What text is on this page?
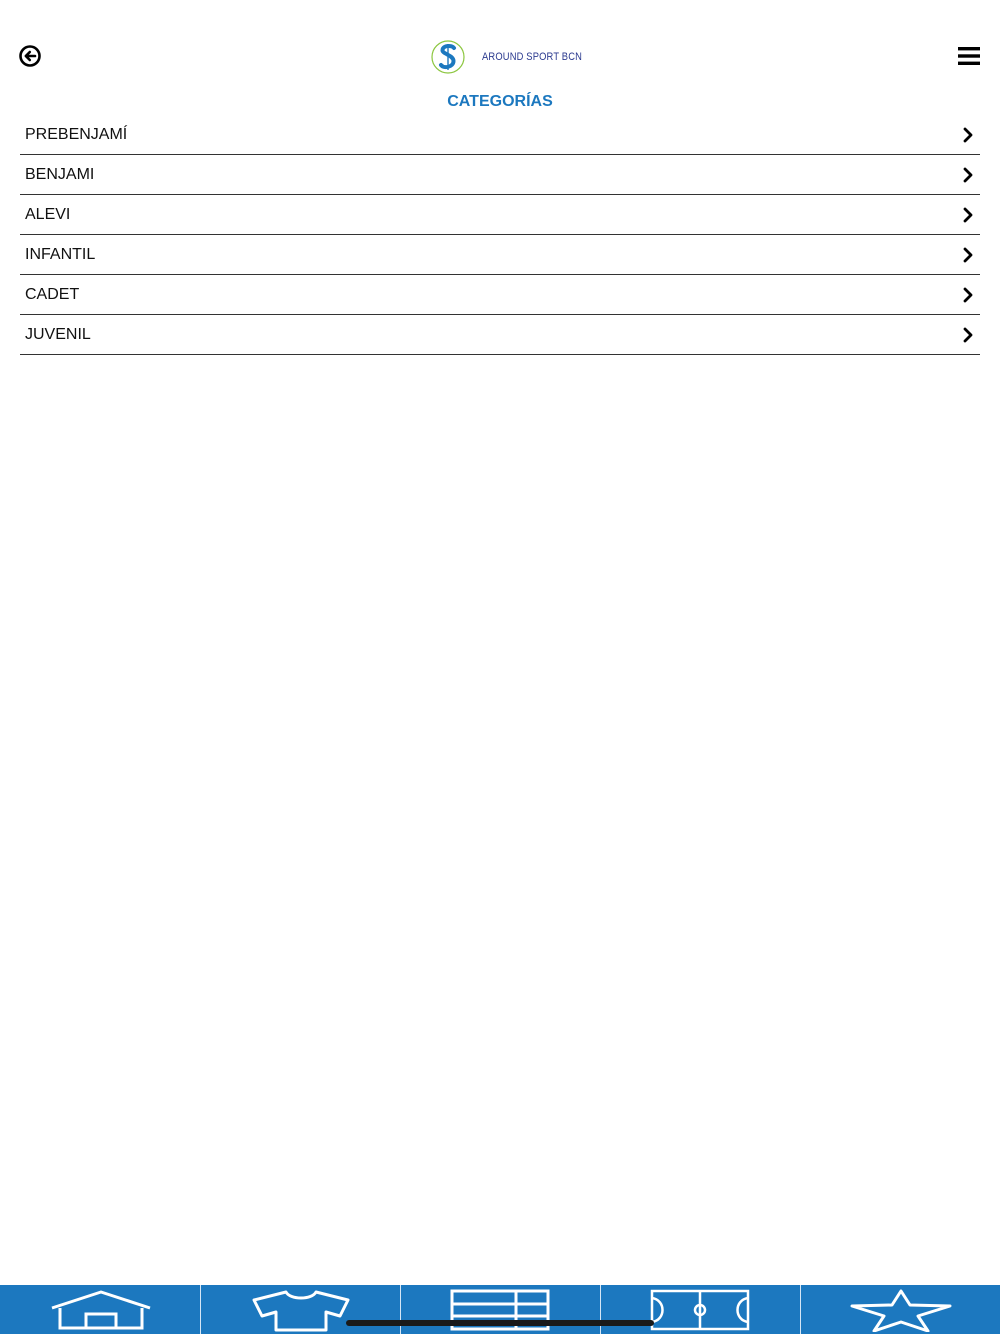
AROUND SPORT BCN
CATEGORÍAS
PREBENJAMÍ
BENJAMI
ALEVI
INFANTIL
CADET
JUVENIL
